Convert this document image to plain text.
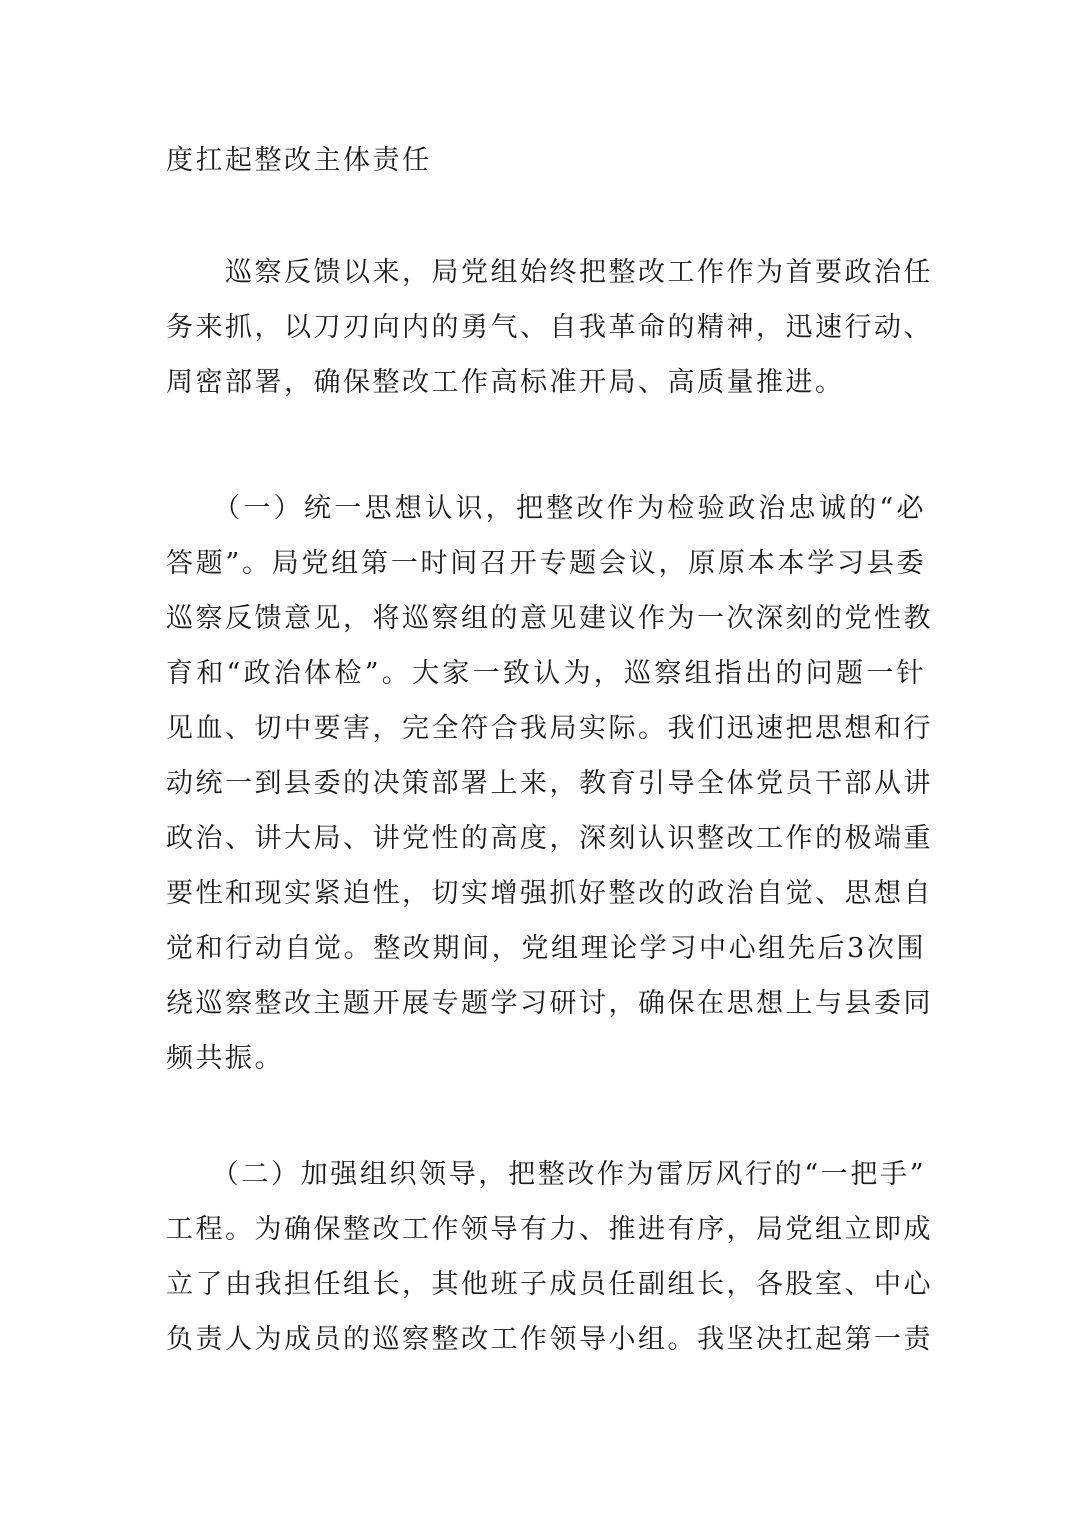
度扛起整改主体责任
　　巡察反馈以来，局党组始终把整改工作作为首要政治任
务来抓，以刀刃向内的勇气、自我革命的精神，迅速行动、
周密部署，确保整改工作高标准开局、高质量推进。
　　（一）统一思想认识，把整改作为检验政治忠诚的“必
答题”。局党组第一时间召开专题会议，原原本本学习县委
巡察反馈意见，将巡察组的意见建议作为一次深刻的党性教
育和“政治体检”。大家一致认为，巡察组指出的问题一针
见血、切中要害，完全符合我局实际。我们迅速把思想和行
动统一到县委的决策部署上来，教育引导全体党员干部从讲
政治、讲大局、讲党性的高度，深刻认识整改工作的极端重
要性和现实紧迫性，切实增强抓好整改的政治自觉、思想自
觉和行动自觉。整改期间，党组理论学习中心组先后3次围
绕巡察整改主题开展专题学习研讨，确保在思想上与县委同
频共振。
　　（二）加强组织领导，把整改作为雷厉风行的“一把手”
工程。为确保整改工作领导有力、推进有序，局党组立即成
立了由我担任组长，其他班子成员任副组长，各股室、中心
负责人为成员的巡察整改工作领导小组。我坚决扛起第一责
